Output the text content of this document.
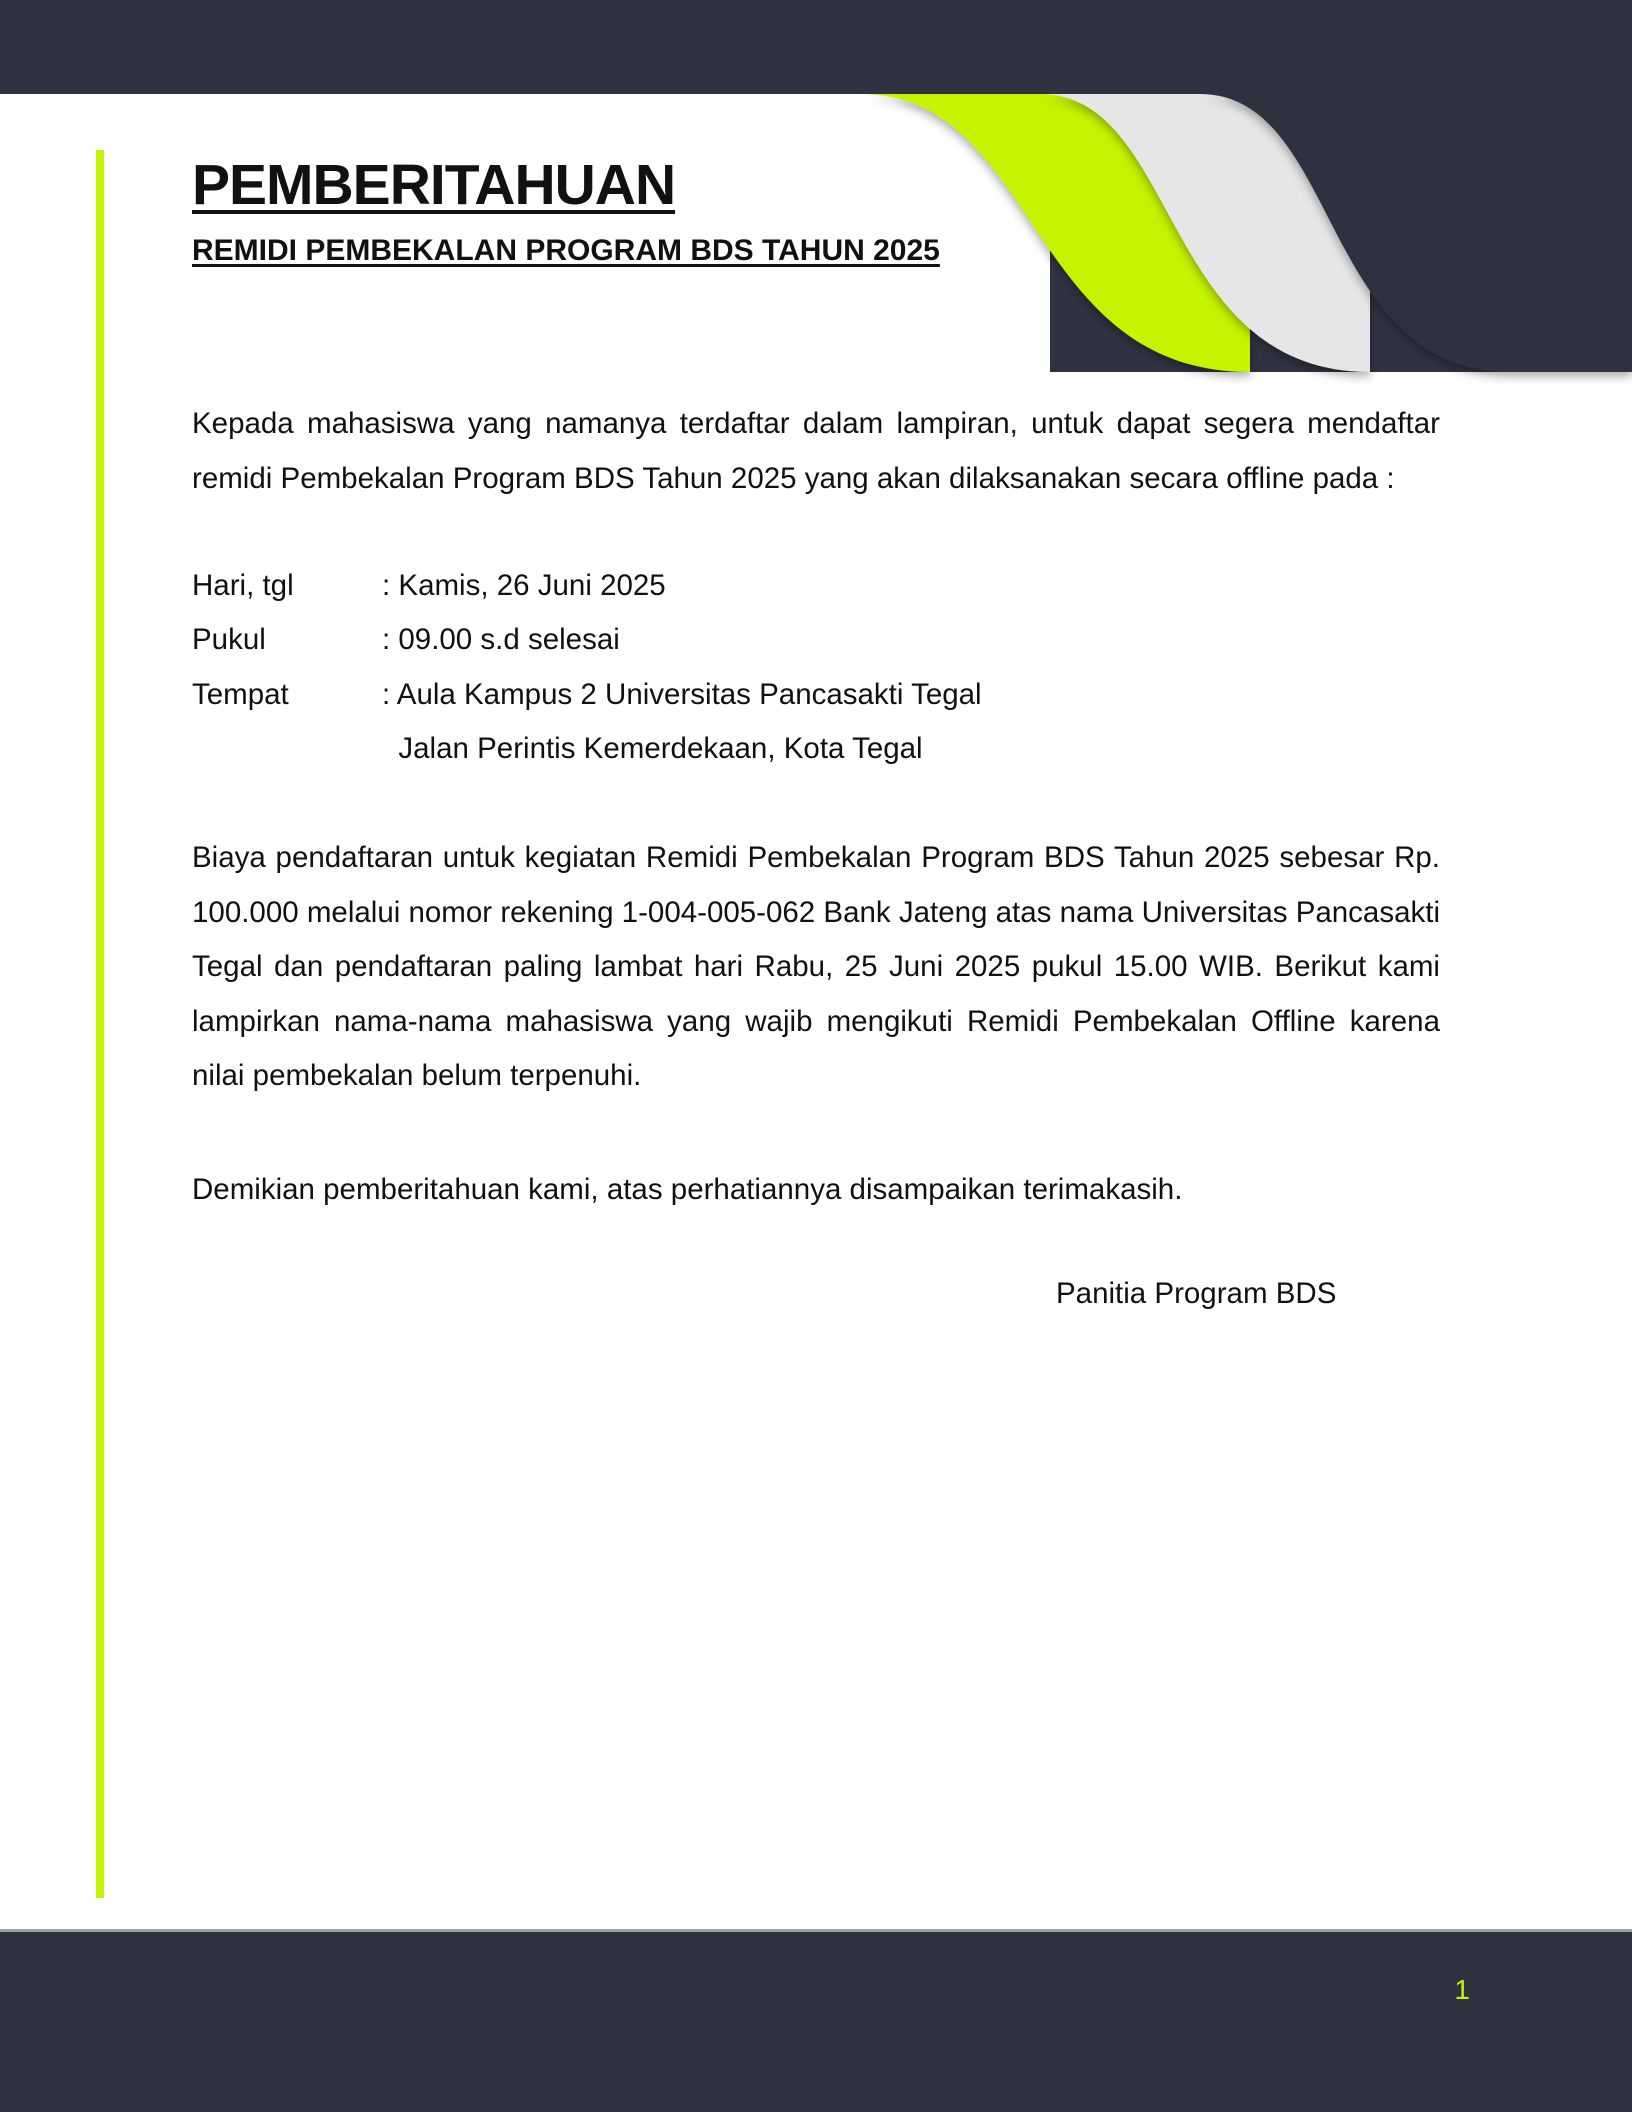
PEMBERITAHUAN
REMIDI PEMBEKALAN PROGRAM BDS TAHUN 2025

Kepada mahasiswa yang namanya terdaftar dalam lampiran, untuk dapat segera mendaftar remidi Pembekalan Program BDS Tahun 2025 yang akan dilaksanakan secara offline pada :

Hari, tgl	: Kamis, 26 Juni 2025
Pukul	: 09.00 s.d selesai
Tempat	: Aula Kampus 2 Universitas Pancasakti Tegal
Jalan Perintis Kemerdekaan, Kota Tegal

Biaya pendaftaran untuk kegiatan Remidi Pembekalan Program BDS Tahun 2025 sebesar Rp. 100.000 melalui nomor rekening 1-004-005-062 Bank Jateng atas nama Universitas Pancasakti Tegal dan pendaftaran paling lambat hari Rabu, 25 Juni 2025 pukul 15.00 WIB. Berikut kami lampirkan nama-nama mahasiswa yang wajib mengikuti Remidi Pembekalan Offline karena nilai pembekalan belum terpenuhi.

Demikian pemberitahuan kami, atas perhatiannya disampaikan terimakasih.

Panitia Program BDS

1
